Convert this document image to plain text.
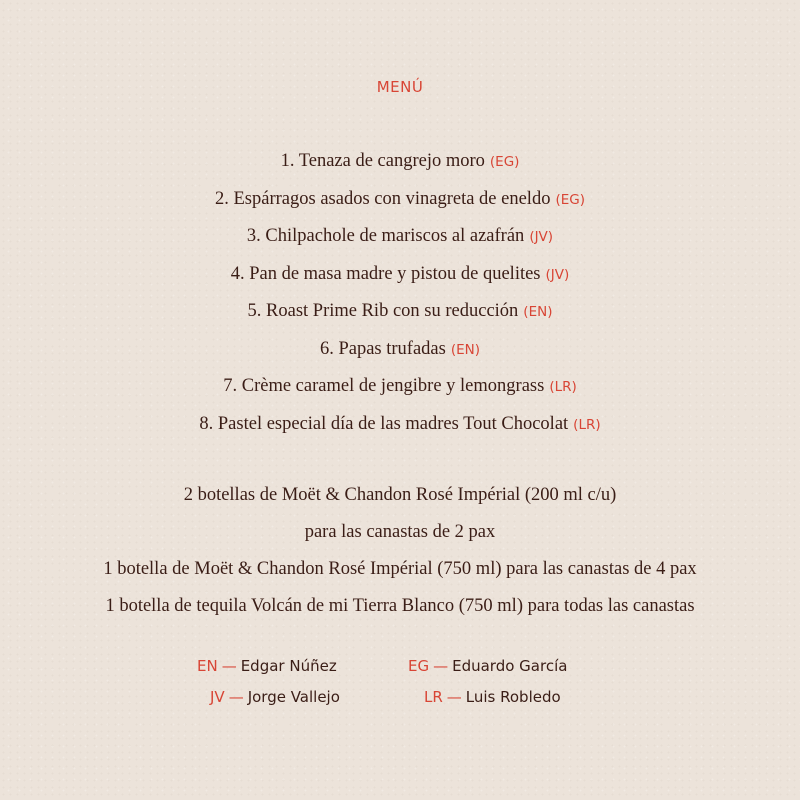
MENÚ
1. Tenaza de cangrejo moro (EG)
2. Espárragos asados con vinagreta de eneldo (EG)
3. Chilpachole de mariscos al azafrán (JV)
4. Pan de masa madre y pistou de quelites (JV)
5. Roast Prime Rib con su reducción (EN)
6. Papas trufadas (EN)
7. Crème caramel de jengibre y lemongrass (LR)
8. Pastel especial día de las madres Tout Chocolat (LR)
2 botellas de Moët & Chandon Rosé Impérial (200 ml c/u)
para las canastas de 2 pax
1 botella de Moët & Chandon Rosé Impérial (750 ml) para las canastas de 4 pax
1 botella de tequila Volcán de mi Tierra Blanco (750 ml) para todas las canastas
EN — Edgar Núñez	EG — Eduardo García
JV — Jorge Vallejo	LR — Luis Robledo
